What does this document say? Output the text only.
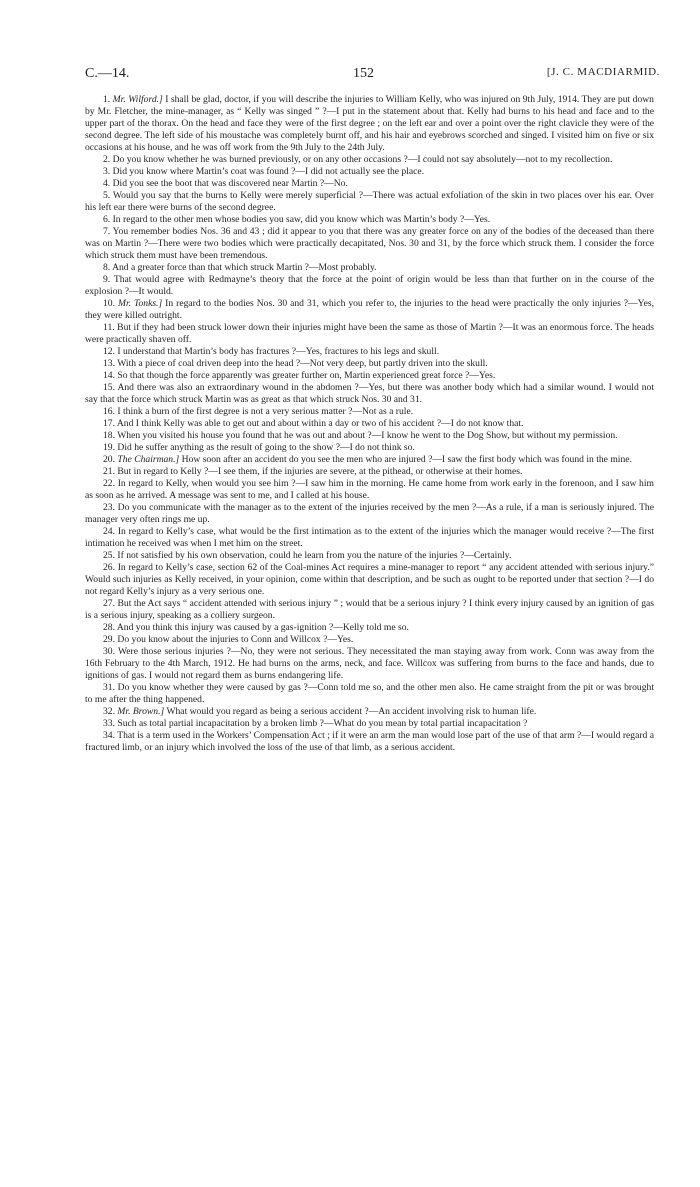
C.—14.	152	[J. C. MACDIARMID.

1. Mr. Wilford.] I shall be glad, doctor, if you will describe the injuries to William Kelly, who was injured on 9th July, 1914. They are put down by Mr. Fletcher, the mine-manager, as “ Kelly was singed ” ?—I put in the statement about that. Kelly had burns to his head and face and to the upper part of the thorax. On the head and face they were of the first degree ; on the left ear and over a point over the right clavicle they were of the second degree. The left side of his moustache was completely burnt off, and his hair and eyebrows scorched and singed. I visited him on five or six occasions at his house, and he was off work from the 9th July to the 24th July.

2. Do you know whether he was burned previously, or on any other occasions ?—I could not say absolutely—not to my recollection.

3. Did you know where Martin’s coat was found ?—I did not actually see the place.

4. Did you see the boot that was discovered near Martin ?—No.

5. Would you say that the burns to Kelly were merely superficial ?—There was actual exfoliation of the skin in two places over his ear. Over his left ear there were burns of the second degree.

6. In regard to the other men whose bodies you saw, did you know which was Martin’s body ?—Yes.

7. You remember bodies Nos. 36 and 43 ; did it appear to you that there was any greater force on any of the bodies of the deceased than there was on Martin ?—There were two bodies which were practically decapitated, Nos. 30 and 31, by the force which struck them. I consider the force which struck them must have been tremendous.

8. And a greater force than that which struck Martin ?—Most probably.

9. That would agree with Redmayne’s theory that the force at the point of origin would be less than that further on in the course of the explosion ?—It would.

10. Mr. Tonks.] In regard to the bodies Nos. 30 and 31, which you refer to, the injuries to the head were practically the only injuries ?—Yes, they were killed outright.

11. But if they had been struck lower down their injuries might have been the same as those of Martin ?—It was an enormous force. The heads were practically shaven off.

12. I understand that Martin’s body has fractures ?—Yes, fractures to his legs and skull.

13. With a piece of coal driven deep into the head ?—Not very deep, but partly driven into the skull.

14. So that though the force apparently was greater further on, Martin experienced great force ?—Yes.

15. And there was also an extraordinary wound in the abdomen ?—Yes, but there was another body which had a similar wound. I would not say that the force which struck Martin was as great as that which struck Nos. 30 and 31.

16. I think a burn of the first degree is not a very serious matter ?—Not as a rule.

17. And I think Kelly was able to get out and about within a day or two of his accident ?—I do not know that.

18. When you visited his house you found that he was out and about ?—I know he went to the Dog Show, but without my permission.

19. Did he suffer anything as the result of going to the show ?—I do not think so.

20. The Chairman.] How soon after an accident do you see the men who are injured ?—I saw the first body which was found in the mine.

21. But in regard to Kelly ?—I see them, if the injuries are severe, at the pithead, or otherwise at their homes.

22. In regard to Kelly, when would you see him ?—I saw him in the morning. He came home from work early in the forenoon, and I saw him as soon as he arrived. A message was sent to me, and I called at his house.

23. Do you communicate with the manager as to the extent of the injuries received by the men ?—As a rule, if a man is seriously injured. The manager very often rings me up.

24. In regard to Kelly’s case, what would be the first intimation as to the extent of the injuries which the manager would receive ?—The first intimation he received was when I met him on the street.

25. If not satisfied by his own observation, could he learn from you the nature of the injuries ?—Certainly.

26. In regard to Kelly’s case, section 62 of the Coal-mines Act requires a mine-manager to report “ any accident attended with serious injury.” Would such injuries as Kelly received, in your opinion, come within that description, and be such as ought to be reported under that section ?—I do not regard Kelly’s injury as a very serious one.

27. But the Act says “ accident attended with serious injury ” ; would that be a serious injury ? I think every injury caused by an ignition of gas is a serious injury, speaking as a colliery surgeon.

28. And you think this injury was caused by a gas-ignition ?—Kelly told me so.

29. Do you know about the injuries to Conn and Willcox ?—Yes.

30. Were those serious injuries ?—No, they were not serious. They necessitated the man staying away from work. Conn was away from the 16th February to the 4th March, 1912. He had burns on the arms, neck, and face. Willcox was suffering from burns to the face and hands, due to ignitions of gas. I would not regard them as burns endangering life.

31. Do you know whether they were caused by gas ?—Conn told me so, and the other men also. He came straight from the pit or was brought to me after the thing happened.

32. Mr. Brown.] What would you regard as being a serious accident ?—An accident involving risk to human life.

33. Such as total partial incapacitation by a broken limb ?—What do you mean by total partial incapacitation ?

34. That is a term used in the Workers’ Compensation Act ; if it were an arm the man would lose part of the use of that arm ?—I would regard a fractured limb, or an injury which involved the loss of the use of that limb, as a serious accident.
